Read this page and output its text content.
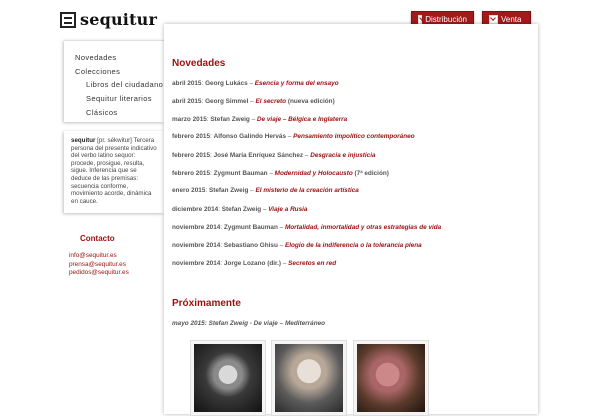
sequitur	Distribución	Venta
Novedades
Colecciones
Libros del ciudadano
Sequitur literarios
Clásicos
sequitur [pr. sékwitur] Tercera persona del presente indicativo del verbo latino sequor: procede, prosigue, resulta, sigue. Inferencia que se deduce de las premisas: secuencia conforme, movimiento acorde, dinámica en cauce.
Contacto
info@sequitur.es
prensa@sequitur.es
pedidos@sequitur.es
Novedades
abril 2015: Georg Lukács – Esencia y forma del ensayo
abril 2015: Georg Simmel – El secreto (nueva edición)
marzo 2015: Stefan Zweig – De viaje – Bélgica e Inglaterra
febrero 2015: Alfonso Galindo Hervás – Pensamiento impolítico contemporáneo
febrero 2015: José María Enríquez Sánchez – Desgracia e injusticia
febrero 2015: Zygmunt Bauman – Modernidad y Holocausto (7ª edición)
enero 2015: Stefan Zweig – El misterio de la creación artística
diciembre 2014: Stefan Zweig – Viaje a Rusia
noviembre 2014: Zygmunt Bauman – Mortalidad, inmortalidad y otras estrategias de vida
noviembre 2014: Sebastiano Ghisu – Elogio de la indiferencia o la tolerancia plena
noviembre 2014: Jorge Lozano (dir.) – Secretos en red
Próximamente
mayo 2015: Stefan Zweig - De viaje – Mediterráneo
